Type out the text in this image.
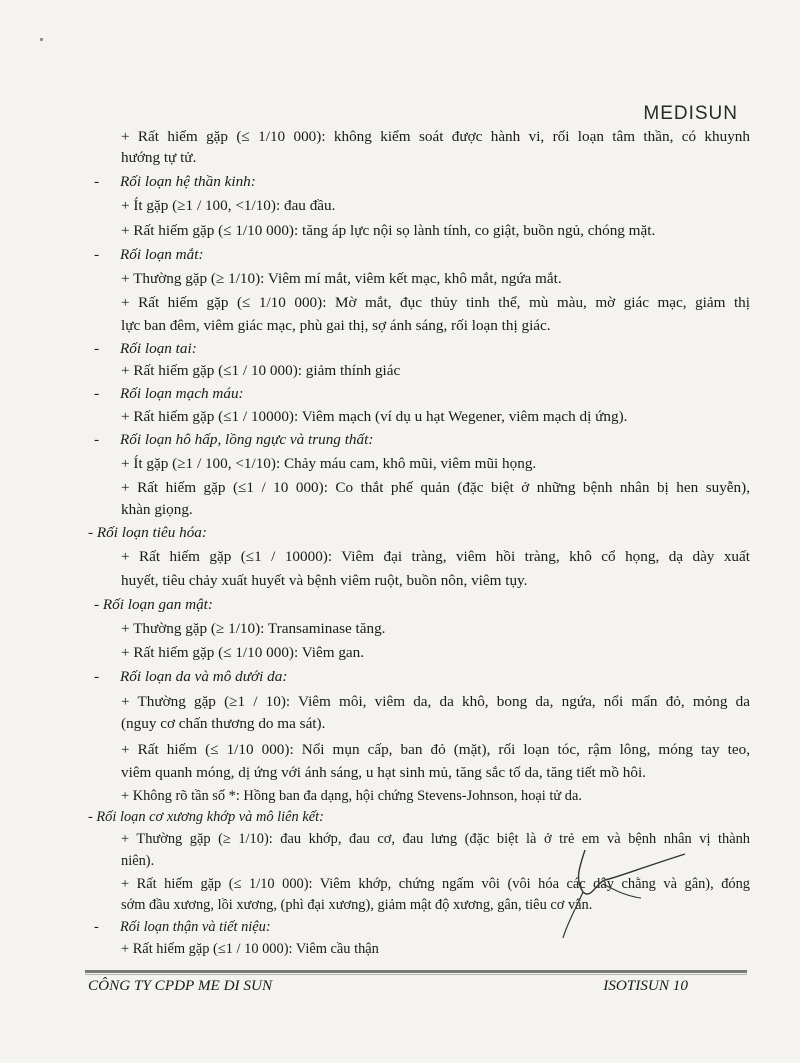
MEDISUN
+ Rất hiếm gặp (≤ 1/10 000): không kiểm soát được hành vi, rối loạn tâm thần, có khuynh
hướng tự tử.
- Rối loạn hệ thần kinh:
+ Ít gặp (≥1 / 100, <1/10): đau đầu.
+ Rất hiếm gặp (≤ 1/10 000): tăng áp lực nội sọ lành tính, co giật, buồn ngủ, chóng mặt.
- Rối loạn mắt:
+ Thường gặp (≥ 1/10): Viêm mí mắt, viêm kết mạc, khô mắt, ngứa mắt.
+ Rất hiếm gặp (≤ 1/10 000): Mờ mắt, đục thủy tinh thể, mù màu, mờ giác mạc, giảm thị
lực ban đêm, viêm giác mạc, phù gai thị, sợ ánh sáng, rối loạn thị giác.
- Rối loạn tai:
+ Rất hiếm gặp (≤1 / 10 000): giảm thính giác
- Rối loạn mạch máu:
+ Rất hiếm gặp (≤1 / 10000): Viêm mạch (ví dụ u hạt Wegener, viêm mạch dị ứng).
- Rối loạn hô hấp, lồng ngực và trung thất:
+ Ít gặp (≥1 / 100, <1/10): Chảy máu cam, khô mũi, viêm mũi họng.
+ Rất hiếm gặp (≤1 / 10 000): Co thắt phế quản (đặc biệt ở những bệnh nhân bị hen suyễn),
khàn giọng.
- Rối loạn tiêu hóa:
+ Rất hiếm gặp (≤1 / 10000): Viêm đại tràng, viêm hồi tràng, khô cổ họng, dạ dày xuất
huyết, tiêu chảy xuất huyết và bệnh viêm ruột, buồn nôn, viêm tụy.
- Rối loạn gan mật:
+ Thường gặp (≥ 1/10): Transaminase tăng.
+ Rất hiếm gặp (≤ 1/10 000): Viêm gan.
- Rối loạn da và mô dưới da:
+ Thường gặp (≥1 / 10): Viêm môi, viêm da, da khô, bong da, ngứa, nổi mẩn đỏ, mỏng da
(nguy cơ chấn thương do ma sát).
+ Rất hiếm (≤ 1/10 000): Nổi mụn cấp, ban đỏ (mặt), rối loạn tóc, rậm lông, móng tay teo,
viêm quanh móng, dị ứng với ánh sáng, u hạt sinh mủ, tăng sắc tố da, tăng tiết mồ hôi.
+ Không rõ tần số *: Hồng ban đa dạng, hội chứng Stevens-Johnson, hoại tử da.
- Rối loạn cơ xương khớp và mô liên kết:
+ Thường gặp (≥ 1/10): đau khớp, đau cơ, đau lưng (đặc biệt là ở trẻ em và bệnh nhân vị thành
niên).
+ Rất hiếm gặp (≤ 1/10 000): Viêm khớp, chứng ngấm vôi (vôi hóa các dây chằng và gân), đóng
sớm đầu xương, lồi xương, (phì đại xương), giảm mật độ xương, gân, tiêu cơ vân.
- Rối loạn thận và tiết niệu:
+ Rất hiếm gặp (≤1 / 10 000): Viêm cầu thận
CÔNG TY CPDP ME DI SUN	ISOTISUN 10
